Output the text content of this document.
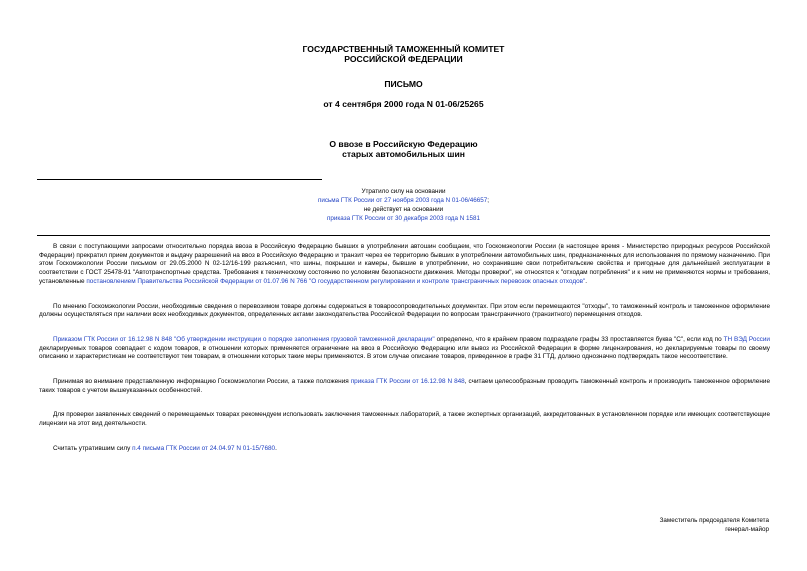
ГОСУДАРСТВЕННЫЙ ТАМОЖЕННЫЙ КОМИТЕТ
РОССИЙСКОЙ ФЕДЕРАЦИИ
ПИСЬМО
от 4 сентября 2000 года N 01-06/25265
О ввозе в Российскую Федерацию
старых автомобильных шин
Утратило силу на основании
письма ГТК России от 27 ноября 2003 года N 01-06/46657;
не действует на основании
приказа ГТК России от 30 декабря 2003 года N 1581

В связи с поступающими запросами относительно порядка ввоза в Российскую Федерацию бывших в употреблении автошин сообщаем, что Госкомэкологии России (в настоящее время - Министерство природных ресурсов Российской Федерации) прекратил прием документов и выдачу разрешений на ввоз в Российскую Федерацию и транзит через ее территорию бывших в употреблении автомобильных шин, предназначенных для использования по прямому назначению. При этом Госкомэкологии России письмом от 29.05.2000 N 02-12/16-199 разъяснил, что шины, покрышки и камеры, бывшие в употреблении, но сохранившие свои потребительские свойства и пригодные для дальнейшей эксплуатации в соответствии с ГОСТ 25478-91 "Автотранспортные средства. Требования к техническому состоянию по условиям безопасности движения. Методы проверки", не относятся к "отходам потребления" и к ним не применяются нормы и требования, установленные постановлением Правительства Российской Федерации от 01.07.96 N 766 "О государственном регулировании и контроле трансграничных перевозок опасных отходов".

По мнению Госкомэкологии России, необходимые сведения о перевозимом товаре должны содержаться в товаросопроводительных документах. При этом если перемещаются "отходы", то таможенный контроль и таможенное оформление должны осуществляться при наличии всех необходимых документов, определенных актами законодательства Российской Федерации по вопросам трансграничного (транзитного) перемещения отходов.

Приказом ГТК России от 16.12.98 N 848 "Об утверждении инструкции о порядке заполнения грузовой таможенной декларации" определено, что в крайнем правом подразделе графы 33 проставляется буква "С", если код по ТН ВЭД России декларируемых товаров совпадает с кодом товаров, в отношении которых применяется ограничение на ввоз в Российскую Федерацию или вывоз из Российской Федерации в форме лицензирования, но декларируемые товары по своему описанию и характеристикам не соответствуют тем товарам, в отношении которых такие меры применяются. В этом случае описание товаров, приведенное в графе 31 ГТД, должно однозначно подтверждать такое несоответствие.

Принимая во внимание представленную информацию Госкомэкологии России, а также положения приказа ГТК России от 16.12.98 N 848, считаем целесообразным проводить таможенный контроль и производить таможенное оформление таких товаров с учетом вышеуказанных особенностей.

Для проверки заявленных сведений о перемещаемых товарах рекомендуем использовать заключения таможенных лабораторий, а также экспертных организаций, аккредитованных в установленном порядке или имеющих соответствующие лицензии на этот вид деятельности.

Считать утратившим силу п.4 письма ГТК России от 24.04.97 N 01-15/7680.

Заместитель председателя Комитета
генерал-майор
